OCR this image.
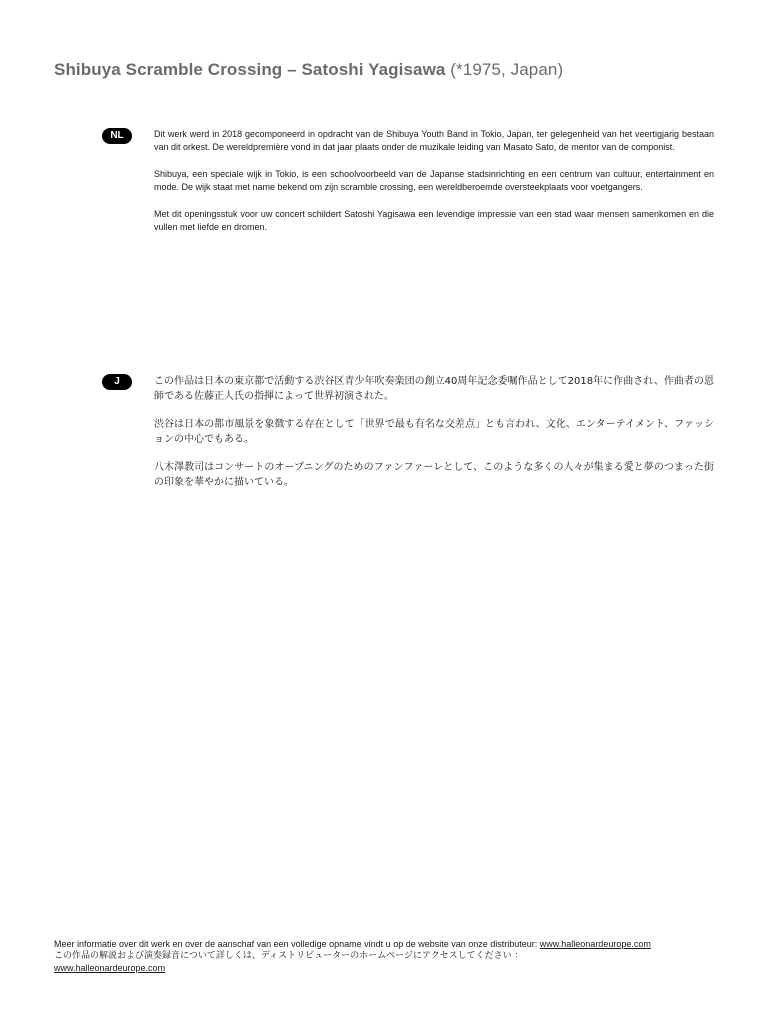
Shibuya Scramble Crossing – Satoshi Yagisawa (*1975, Japan)
NL	Dit werk werd in 2018 gecomponeerd in opdracht van de Shibuya Youth Band in Tokio, Japan, ter gelegenheid van het veertigjarig bestaan van dit orkest. De wereldpremière vond in dat jaar plaats onder de muzikale leiding van Masato Sato, de mentor van de componist.

Shibuya, een speciale wijk in Tokio, is een schoolvoorbeeld van de Japanse stadsinrichting en een centrum van cultuur, entertainment en mode. De wijk staat met name bekend om zijn scramble crossing, een wereldberoemde oversteekplaats voor voetgangers.

Met dit openingsstuk voor uw concert schildert Satoshi Yagisawa een levendige impressie van een stad waar mensen samenkomen en die vullen met liefde en dromen.

J	この作品は日本の東京都で活動する渋谷区青少年吹奏楽団の創立40周年記念委嘱作品として2018年に作曲され、作曲者の恩師である佐藤正人氏の指揮によって世界初演された。

渋谷は日本の都市風景を象徴する存在として「世界で最も有名な交差点」とも言われ、文化、エンターテイメント、ファッションの中心でもある。

八木澤教司はコンサートのオープニングのためのファンファーレとして、このような多くの人々が集まる愛と夢のつまった街の印象を華やかに描いている。

Meer informatie over dit werk en over de aanschaf van een volledige opname vindt u op de website van onze distributeur: www.halleonardeurope.com
この作品の解説および演奏録音について詳しくは、ディストリビューターのホームページにアクセスしてください ：
www.halleonardeurope.com
